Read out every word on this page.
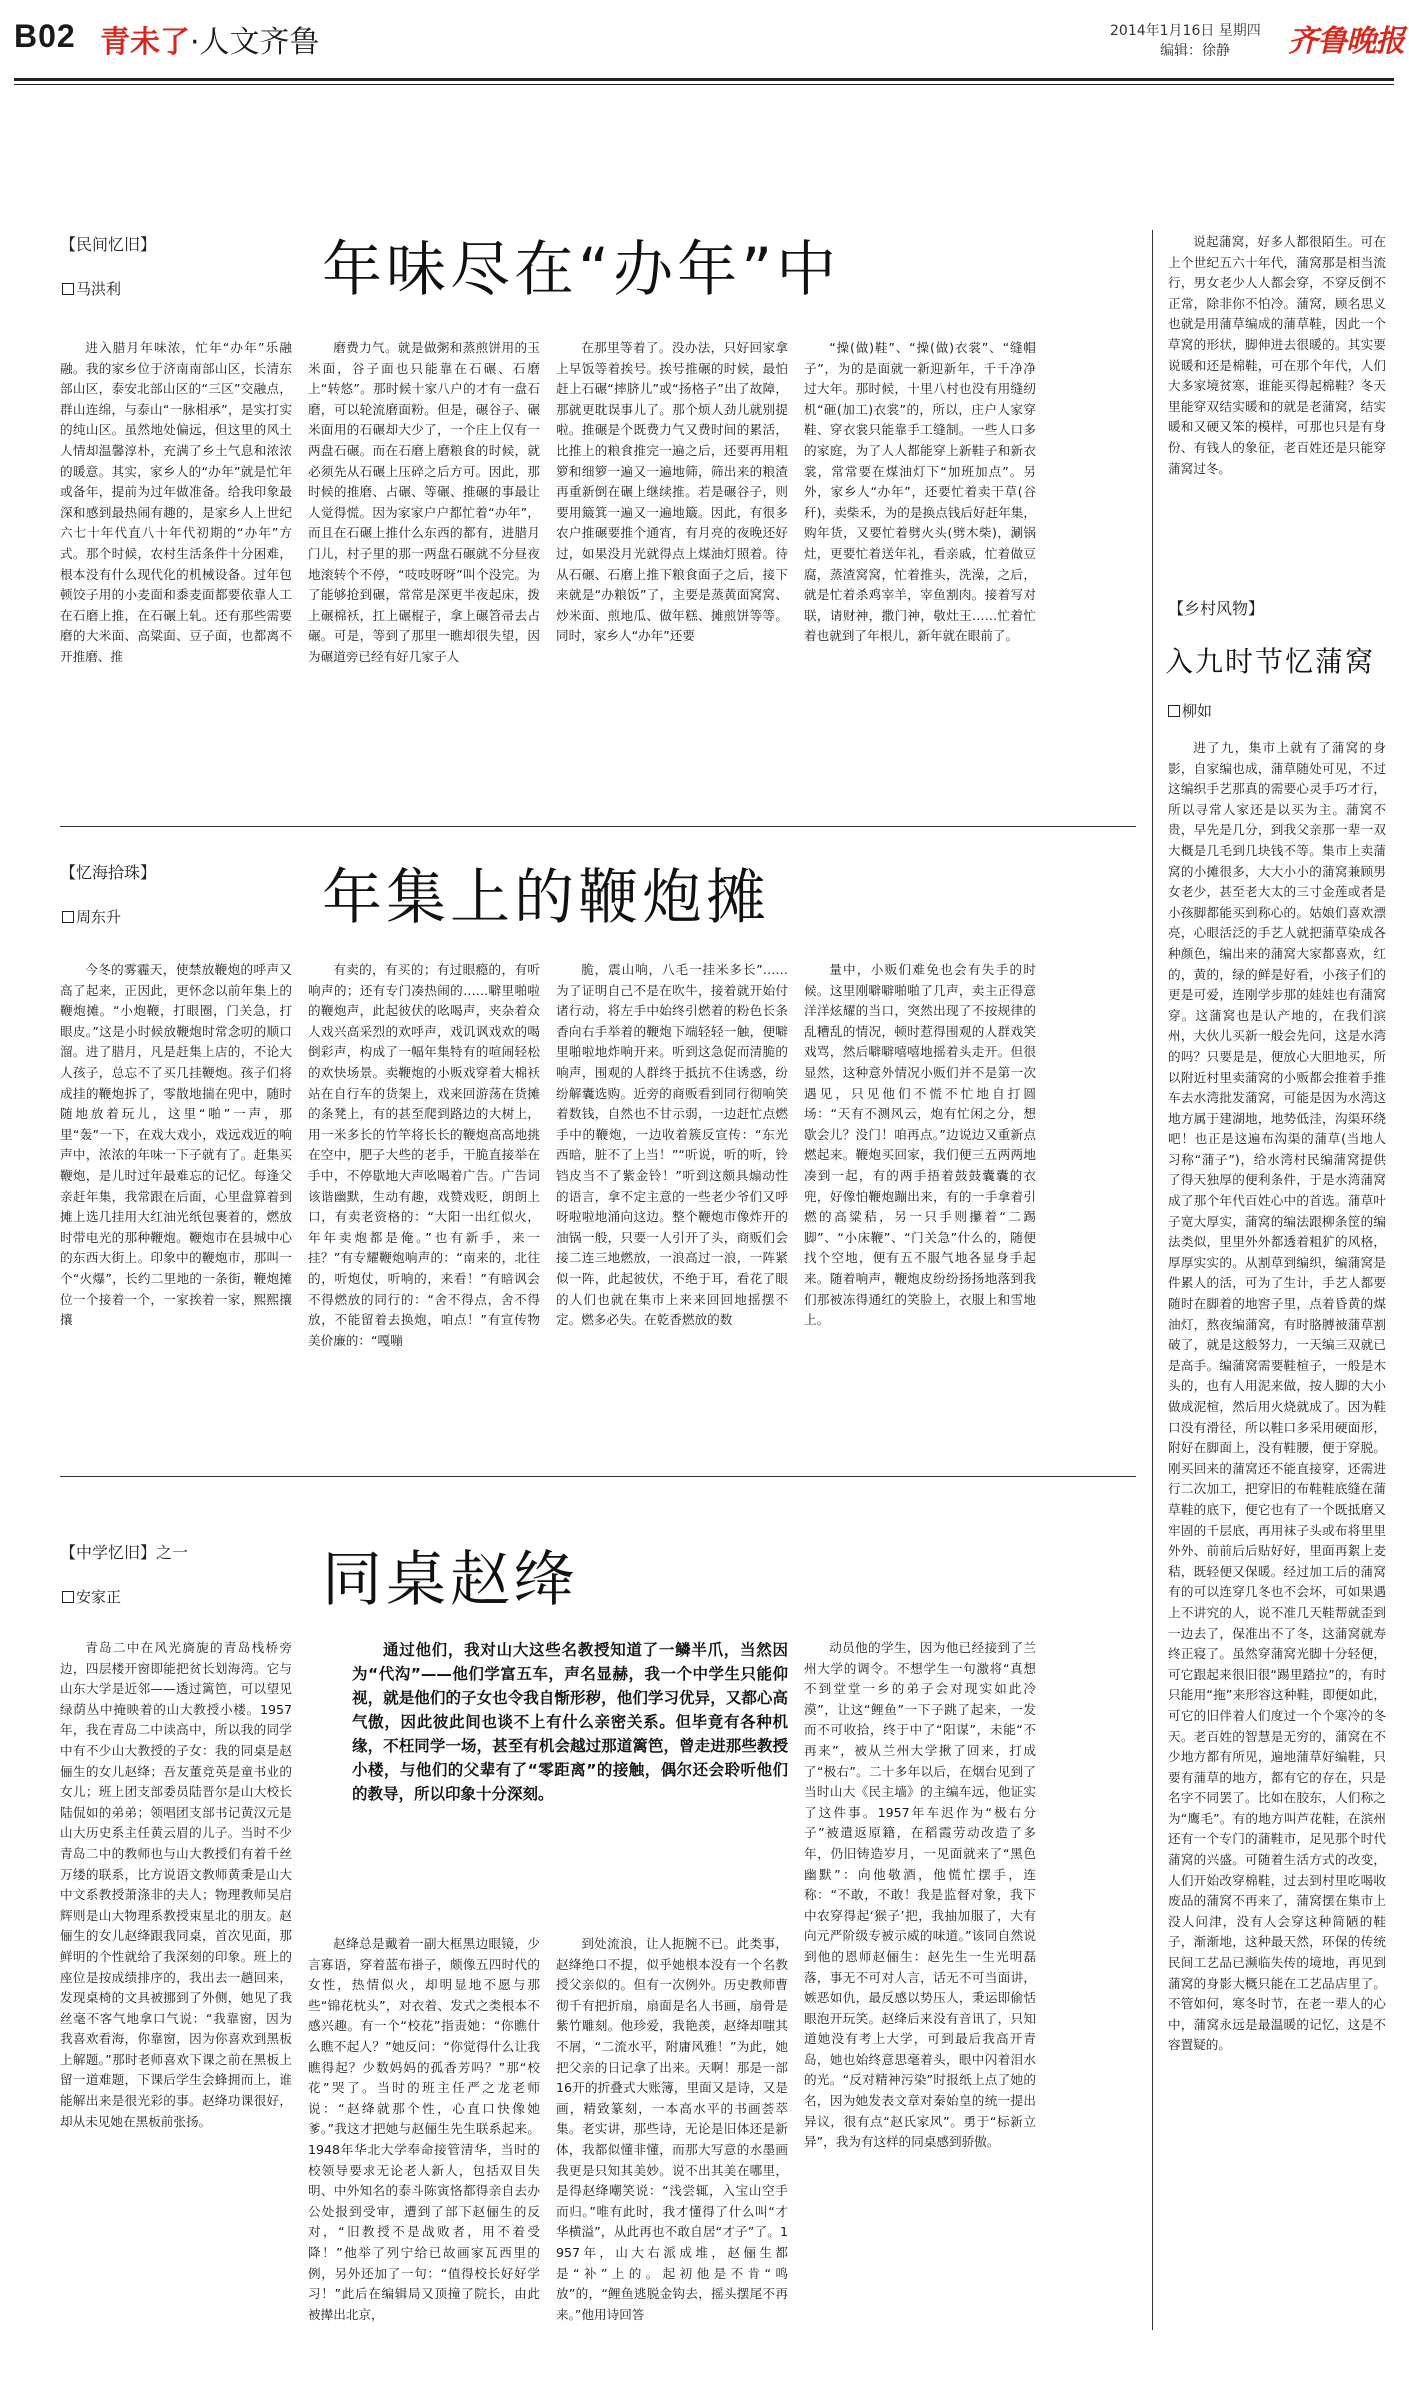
B02 青未了·人文齐鲁	2014年1月16日 星期四
编辑：徐静 齐鲁晚报
【民间忆旧】
马洪利	年味尽在“办年”中

进入腊月年味浓，忙年“办年”乐融融。我的家乡位于济南南部山区，长清东部山区，泰安北部山区的“三区”交融点，群山连绵，与泰山“一脉相承”，是实打实的纯山区。虽然地处偏远，但这里的风土人情却温馨淳朴，充满了乡土气息和浓浓的暖意。其实，家乡人的“办年”就是忙年或备年，提前为过年做准备。给我印象最深和感到最热闹有趣的，是家乡人上世纪六七十年代直八十年代初期的“办年”方式。那个时候，农村生活条件十分困难，根本没有什么现代化的机械设备。过年包顿饺子用的小麦面和黍麦面都要依靠人工在石磨上推，在石碾上轧。还有那些需要磨的大米面、高粱面、豆子面，也都离不开推磨、推

磨费力气。就是做粥和蒸煎饼用的玉米面，谷子面也只能靠在石碾、石磨上“转悠”。那时候十家八户的才有一盘石磨，可以轮流磨面粉。但是，碾谷子、碾米面用的石碾却大少了，一个庄上仅有一两盘石碾。而在石磨上磨粮食的时候，就必须先从石碾上压碎之后方可。因此，那时候的推磨、占碾、等碾、推碾的事最让人觉得慌。因为家家户户都忙着“办年”，而且在石碾上推什么东西的都有，进腊月门儿，村子里的那一两盘石碾就不分昼夜地滚转个不停，“吱吱呀呀”叫个没完。为了能够抢到碾，常常是深更半夜起床，拨上碾棉袄，扛上碾棍子，拿上碾笤帚去占碾。可是，等到了那里一瞧却很失望，因为碾道旁已经有好几家子人

在那里等着了。没办法，只好回家拿上早饭等着挨号。挨号推碾的时候，最怕赶上石碾“摔脐儿”或“扬格子”出了故障，那就更耽误事儿了。那个烦人劲儿就别提啦。推碾是个既费力气又费时间的累活，比推上的粮食推完一遍之后，还要再用粗箩和细箩一遍又一遍地筛，筛出来的粮渣再重新倒在碾上继续推。若是碾谷子，则要用簸箕一遍又一遍地簸。因此，有很多农户推碾要推个通宵，有月亮的夜晚还好过，如果没月光就得点上煤油灯照着。待从石碾、石磨上推下粮食面子之后，接下来就是“办粮饭”了，主要是蒸黄面窝窝、炒米面、煎地瓜、做年糕、摊煎饼等等。同时，家乡人“办年”还要

“操(做)鞋”、“操(做)衣裳”、“缝帽子”，为的是面就一新迎新年，千千净净过大年。那时候，十里八村也没有用缝纫机“砸(加工)衣裳”的，所以，庄户人家穿鞋、穿衣裳只能靠手工缝制。一些人口多的家庭，为了人人都能穿上新鞋子和新衣裳，常常要在煤油灯下“加班加点”。另外，家乡人“办年”，还要忙着卖干草(谷秆)，卖柴禾，为的是换点钱后好赶年集，购年货，又要忙着劈火头(劈木柴)，涮锅灶，更要忙着送年礼，看亲戚，忙着做豆腐，蒸渣窝窝，忙着推头，洗澡，之后，就是忙着杀鸡宰羊，宰鱼割肉。接着写对联，请财神，撒门神，敬灶王……忙着忙着也就到了年根儿，新年就在眼前了。

【忆海拾珠】
周东升	年集上的鞭炮摊

今冬的雾霾天，使禁放鞭炮的呼声又高了起来，正因此，更怀念以前年集上的鞭炮摊。“小炮鞭，打眼圈，门关急，打眼皮。”这是小时候放鞭炮时常念叨的顺口溜。进了腊月，凡是赶集上店的，不论大人孩子，总忘不了买几挂鞭炮。孩子们将成挂的鞭炮拆了，零散地揣在兜中，随时随地放着玩儿，这里“啪”一声，那里“轰”一下，在戏大戏小，戏远戏近的响声中，浓浓的年味一下子就有了。赶集买鞭炮，是儿时过年最难忘的记忆。每逢父亲赶年集，我常跟在后面，心里盘算着到摊上选几挂用大红油光纸包裹着的，燃放时带电光的那种鞭炮。鞭炮市在县城中心的东西大街上。印象中的鞭炮市，那叫一个“火爆”，长约二里地的一条街，鞭炮摊位一个接着一个，一家挨着一家，熙熙攘攘

有卖的，有买的；有过眼瘾的，有听响声的；还有专门凑热闹的……噼里啪啦的鞭炮声，此起彼伏的吆喝声，夹杂着众人戏兴高采烈的欢呼声，戏讥讽戏欢的喝倒彩声，构成了一幅年集特有的喧闹轻松的欢快场景。卖鞭炮的小贩戏穿着大棉袄站在自行车的货架上，戏来回游荡在货摊的条凳上，有的甚至爬到路边的大树上，用一米多长的竹竿将长长的鞭炮高高地挑在空中，肥子大些的老手，干脆直接举在手中，不停歇地大声吆喝着广告。广告词该谐幽默，生动有趣，戏赞戏贬，朗朗上口，有卖老资格的：“大阳一出红似火，年年卖炮都是俺。”也有新手，来一挂？”有专耀鞭炮响声的：“南来的，北往的，听炮仗，听响的，来看！”有暗讽会不得燃放的同行的：“舍不得点，舍不得放，不能留着去换炮，咱点！”有宣传物美价廉的：“嘎嘣

脆，震山响，八毛一挂米多长”……为了证明自己不是在吹牛，接着就开始付诸行动，将左手中始终引燃着的粉色长条香向右手举着的鞭炮下端轻轻一触，便噼里啪啦地炸响开来。听到这急促而清脆的响声，围观的人群终于抵抗不住诱惑，纷纷解囊选购。近旁的商贩看到同行彻响笑着数钱，自然也不甘示弱，一边赶忙点燃手中的鞭炮，一边收着簇反宣传：“东光西暗，脏不了上当！”“听说，听的听，铃铛皮当不了紫金铃！”听到这颇具煽动性的语言，拿不定主意的一些老少爷们又呼呀啦啦地涌向这边。整个鞭炮市像炸开的油锅一般，只要一人引开了头，商贩们会接二连三地燃放，一浪高过一浪，一阵紧似一阵，此起彼伏，不绝于耳，看花了眼的人们也就在集市上来来回回地摇摆不定。燃多必失。在乾香燃放的数

量中，小贩们难免也会有失手的时候。这里刚噼噼啪啪了几声，卖主正得意洋洋炫耀的当口，突然出现了不按规律的乱糟乱的情况，顿时惹得围观的人群戏笑戏骂，然后噼噼嘻嘻地摇着头走开。但很显然，这种意外情况小贩们并不是第一次遇见，只见他们不慌不忙地自打圆场：“天有不测风云，炮有忙闲之分，想歇会儿？没门！咱再点。”边说边又重新点燃起来。鞭炮买回家，我们便三五两两地凑到一起，有的两手捂着鼓鼓囊囊的衣兜，好像怕鞭炮蹦出来，有的一手拿着引燃的高粱秸，另一只手则攥着“二踢脚”、“小床鞭”、“门关急”什么的，随便找个空地，便有五不服气地各显身手起来。随着响声，鞭炮皮纷纷扬扬地落到我们那被冻得通红的笑脸上，衣服上和雪地上。

【中学忆旧】之一
安家正	同桌赵绛

通过他们，我对山大这些名教授知道了一鳞半爪，当然因为“代沟”——他们学富五车，声名显赫，我一个中学生只能仰视，就是他们的子女也令我自惭形秽，他们学习优异，又都心高气傲，因此彼此间也谈不上有什么亲密关系。但毕竟有各种机缘，不枉同学一场，甚至有机会越过那道篱笆，曾走进那些教授小楼，与他们的父辈有了“零距离”的接触，偶尔还会聆听他们的教导，所以印象十分深刻。

青岛二中在风光旖旎的青岛栈桥旁边，四层楼开窗即能把贫长划海湾。它与山东大学是近邻——透过篱笆，可以望见绿荫丛中掩映着的山大教授小楼。1957年，我在青岛二中读高中，所以我的同学中有不少山大教授的子女：我的同桌是赵俪生的女儿赵绛；吾友董竞英是童书业的女儿；班上团支部委员陆晋尔是山大校长陆侃如的弟弟；领唱团支部书记黄汉元是山大历史系主任黄云眉的儿子。当时不少青岛二中的教师也与山大教授们有着千丝万缕的联系，比方说语文教师黄秉是山大中文系教授萧涤非的夫人；物理教师吴启辉则是山大物理系教授束星北的朋友。赵俪生的女儿赵绛跟我同桌，首次见面，那鲜明的个性就给了我深刻的印象。班上的座位是按成绩排序的，我出去一趟回来，发现桌椅的文具被挪到了外侧，她见了我丝毫不客气地拿口气说：“我靠窗，因为我喜欢看海，你靠窗，因为你喜欢到黑板上解题。”那时老师喜欢下课之前在黑板上留一道难题，下课后学生会蜂拥而上，谁能解出来是很光彩的事。赵绛功课很好，却从未见她在黑板前张扬。

赵绛总是戴着一副大框黑边眼镜，少言寡语，穿着蓝布褂子，颇像五四时代的女性，热情似火，却明显地不愿与那些“锦花枕头”，对衣着、发式之类根本不感兴趣。有一个“校花”指责她：“你瞧什么瞧不起人？”她反问：“你觉得什么让我瞧得起？少数妈妈的孤香芳吗？”那“校花”哭了。当时的班主任严之龙老师说：“赵绛就那个性，心直口快像她爹。”我这才把她与赵俪生先生联系起来。1948年华北大学奉命接管清华，当时的校领导要求无论老人新人，包括双目失明、中外知名的泰斗陈寅恪都得亲自去办公处报到受审，遭到了部下赵俪生的反对，“旧教授不是战败者，用不着受降！”他举了列宁给已故画家瓦西里的例，另外还加了一句：“值得校长好好学习！”此后在编辑局又顶撞了院长，由此被撵出北京，

到处流浪，让人扼腕不已。此类事，赵绛绝口不提，似乎她根本没有一个名教授父亲似的。但有一次例外。历史教师曹彻千有把折扇，扇面是名人书画，扇骨是紫竹雕刻。他珍爱，我艳羡，赵绛却嗤其不屑，“二流水平，附庸风雅！”为此，她把父亲的日记拿了出来。天啊！那是一部16开的折叠式大账簿，里面又是诗，又是画，精致篆刻，一本高水平的书画荟萃集。老实讲，那些诗，无论是旧体还是新体，我都似懂非懂，而那大写意的水墨画我更是只知其美妙。说不出其美在哪里，是得赵绛嘲笑说：“浅尝辄，入宝山空手而归。”唯有此时，我才懂得了什么叫“才华横溢”，从此再也不敢自居“才子”了。1957年，山大右派成堆，赵俪生都是“补”上的。起初他是不肯“鸣放”的，“鲤鱼逃脱金钩去，摇头摆尾不再来。”他用诗回答

动员他的学生，因为他已经接到了兰州大学的调令。不想学生一句激将“真想不到堂堂一乡的弟子会对现实如此冷漠”，让这“鲤鱼”一下子跳了起来，一发而不可收拾，终于中了“阳谋”，未能“不再来”，被从兰州大学揪了回来，打成了“极右”。二十多年以后，在烟台见到了当时山大《民主墙》的主编车远，他证实了这件事。1957年车迟作为“极右分子”被遣返原籍，在稻霞劳动改造了多年，仍旧铸造岁月，一见面就来了“黑色幽默”：向他敬酒，他慌忙摆手，连称：“不敢，不敢！我是监督对象，我下中农穿得起‘猴子’把，我抽加服了，大有向元严阶级专被示威的味道。”该同自然说到他的恩师赵俪生：赵先生一生光明磊落，事无不可对人言，话无不可当面讲，嫉恶如仇，最反感以势压人，秉运即偷恬眼泡开玩笑。赵绛后来没有音讯了，只知道她没有考上大学，可到最后我高开青岛，她也始终意思毫着头，眼中闪着泪水的光。“反对精神污染”时报纸上点了她的名，因为她发表文章对秦始皇的统一提出异议，很有点“赵氏家风”。勇于“标新立异”，我为有这样的同桌感到骄傲。

说起蒲窝，好多人都很陌生。可在上个世纪五六十年代，蒲窝那是相当流行，男女老少人人都会穿，不穿反倒不正常，除非你不怕冷。蒲窝，顾名思义也就是用蒲草编成的蒲草鞋，因此一个草窝的形状，脚伸进去很暖的。其实要说暖和还是棉鞋，可在那个年代，人们大多家境贫寒，谁能买得起棉鞋？冬天里能穿双结实暖和的就是老蒲窝，结实暖和又硬又笨的模样，可那也只是有身份、有钱人的象征，老百姓还是只能穿蒲窝过冬。

【乡村风物】
入九时节忆蒲窝
柳如

进了九，集市上就有了蒲窝的身影，自家编也成，蒲草随处可见，不过这编织手艺那真的需要心灵手巧才行，所以寻常人家还是以买为主。蒲窝不贵，早先是几分，到我父亲那一辈一双大概是几毛到几块钱不等。集市上卖蒲窝的小摊很多，大大小小的蒲窝兼顾男女老少，甚至老大太的三寸金莲或者是小孩脚都能买到称心的。姑娘们喜欢漂亮，心眼活泛的手艺人就把蒲草染成各种颜色，编出来的蒲窝大家都喜欢，红的，黄的，绿的鲜是好看，小孩子们的更是可爱，连刚学步那的娃娃也有蒲窝穿。这蒲窝也是认产地的，在我们滨州，大伙儿买新一般会先问，这是水湾的吗？只要是是，便放心大胆地买，所以附近村里卖蒲窝的小贩都会推着手推车去水湾批发蒲窝，可能是因为水湾这地方属于建湖地，地势低洼，沟渠环绕吧！也正是这遍布沟渠的蒲草(当地人习称“蒲子”)，给水湾村民编蒲窝提供了得天独厚的便利条件，于是水湾蒲窝成了那个年代百姓心中的首选。蒲草叶子宽大厚实，蒲窝的编法跟柳条筐的编法类似，里里外外都透着粗犷的风格，厚厚实实的。从割草到编织，编蒲窝是件累人的活，可为了生计，手艺人都要随时在脚着的地窖子里，点着昏黄的煤油灯，熬夜编蒲窝，有时胳膊被蒲草割破了，就是这般努力，一天编三双就已是高手。编蒲窝需要鞋楦子，一般是木头的，也有人用泥来做，按人脚的大小做成泥楦，然后用火烧就成了。因为鞋口没有滑径，所以鞋口多采用硬面形，附好在脚面上，没有鞋腰，便于穿脱。刚买回来的蒲窝还不能直接穿，还需进行二次加工，把穿旧的布鞋鞋底缝在蒲草鞋的底下，便它也有了一个既抵磨又牢固的千层底，再用袜子头或布将里里外外、前前后后贴好好，里面再絮上麦秸，既轻便又保暖。经过加工后的蒲窝有的可以连穿几冬也不会坏，可如果遇上不讲究的人，说不准几天鞋帮就歪到一边去了，保准出不了冬，这蒲窝就寿终正寝了。虽然穿蒲窝光脚十分轻便，可它跟起来很旧很“踢里踏拉”的，有时只能用“拖”来形容这种鞋，即便如此，可它的旧伴着人们度过一个个寒冷的冬天。老百姓的智慧是无穷的，蒲窝在不少地方都有所见，遍地蒲草好编鞋，只要有蒲草的地方，都有它的存在，只是名字不同罢了。比如在胶东，人们称之为“鹰毛”。有的地方叫芦花鞋，在滨州还有一个专门的蒲鞋市，足见那个时代蒲窝的兴盛。可随着生活方式的改变，人们开始改穿棉鞋，过去到村里吃喝收废品的蒲窝不再来了，蒲窝摆在集市上没人问津，没有人会穿这种简陋的鞋子，渐渐地，这种最天然，环保的传统民间工艺品已濒临失传的境地，再见到蒲窝的身影大概只能在工艺品店里了。不管如何，寒冬时节，在老一辈人的心中，蒲窝永远是最温暖的记忆，这是不容置疑的。
